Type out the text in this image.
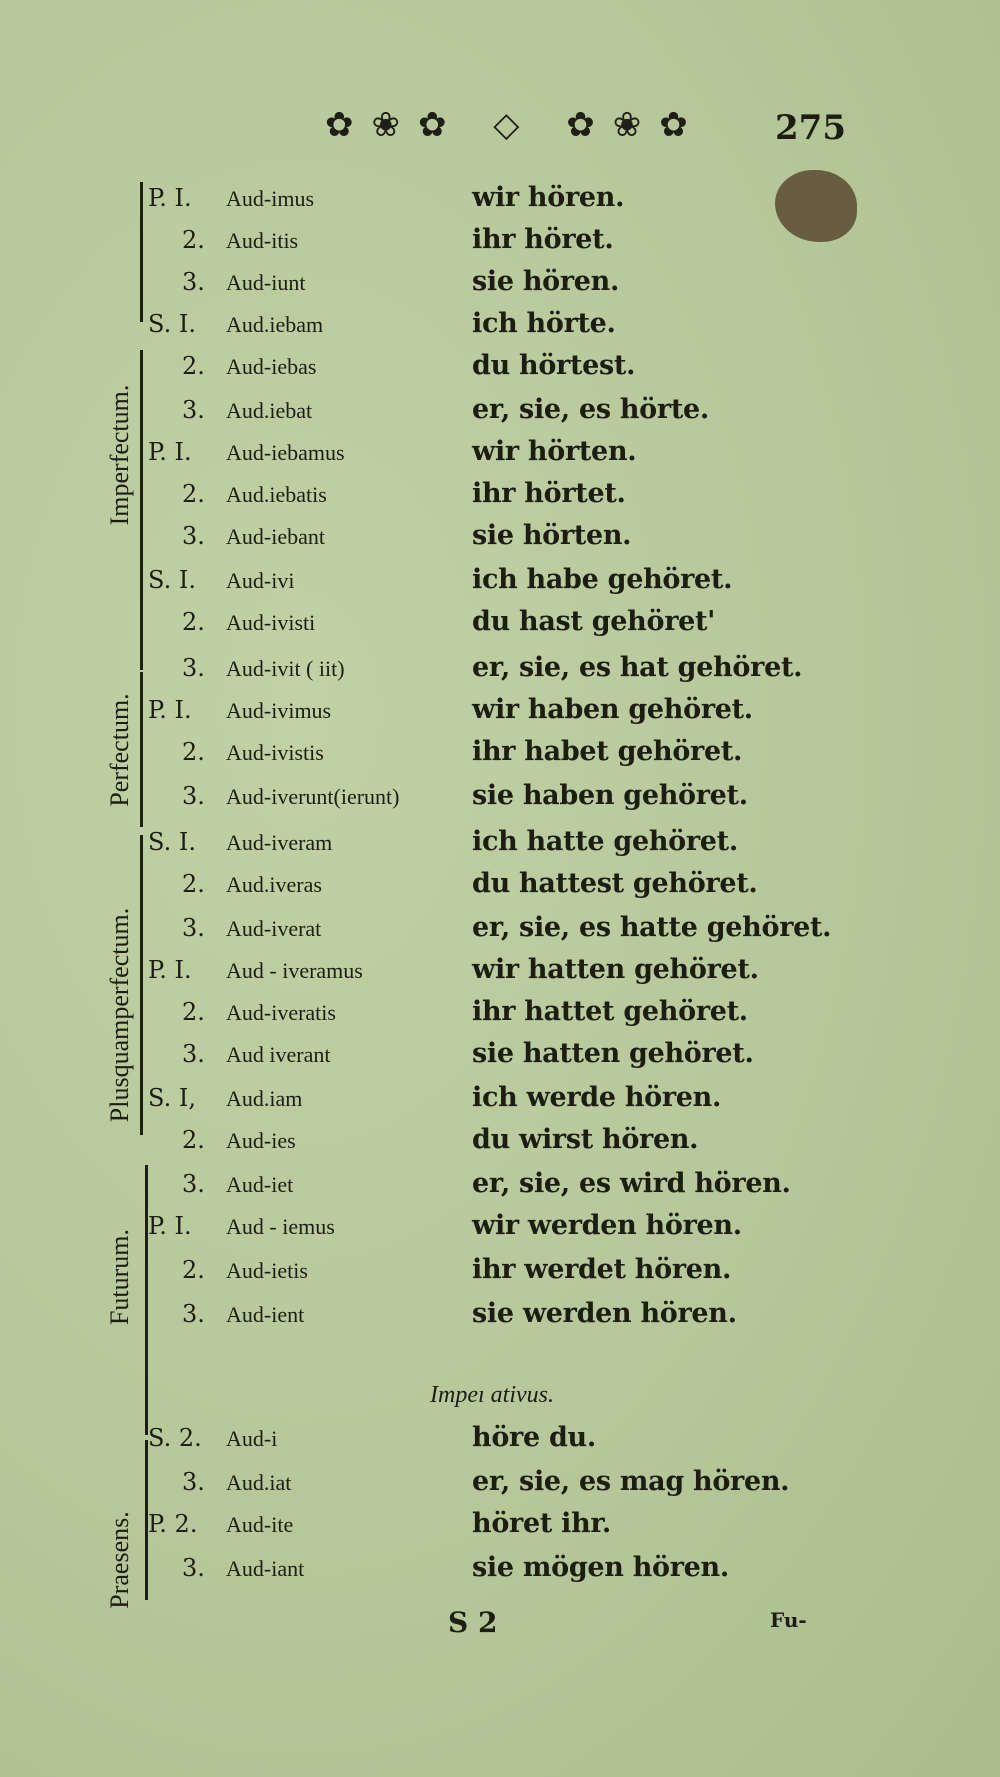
✿❀✿ ◇ ✿❀✿ 275
Imperfectum.
Perfectum.
Plusquamperfectum.
Futurum.
Praesens.
P. I.	Aud-imus	wir hören.
2. Aud-itis	ihr höret.
3. Aud-iunt	sie hören.
S. I.	Aud.iebam	ich hörte.
2. Aud-iebas	du hörtest.
3. Aud.iebat	er, sie, es hörte.
P. I.	Aud-iebamus	wir hörten.
2. Aud.iebatis	ihr hörtet.
3. Aud-iebant	sie hörten.
S. I.	Aud-ivi	ich habe gehöret.
2. Aud-ivisti	du hast gehöret'
3. Aud-ivit ( iit)	er, sie, es hat gehöret.
P. I.	Aud-ivimus	wir haben gehöret.
2. Aud-ivistis	ihr habet gehöret.
3. Aud-iverunt(ierunt)	sie haben gehöret.
S. I.	Aud-iveram	ich hatte gehöret.
2. Aud.iveras	du hattest gehöret.
3. Aud-iverat	er, sie, es hatte gehöret.
P. I.	Aud - iveramus	wir hatten gehöret.
2. Aud-iveratis	ihr hattet gehöret.
3. Aud iverant	sie hatten gehöret.
S. I,	Aud.iam	ich werde hören.
2. Aud-ies	du wirst hören.
3. Aud-iet	er, sie, es wird hören.
P. I.	Aud - iemus	wir werden hören.
2. Aud-ietis	ihr werdet hören.
3. Aud-ient	sie werden hören.
S. 2.	Aud-i	höre du.
3. Aud.iat	er, sie, es mag hören.
P. 2.	Aud-ite	höret ihr.
3. Aud-iant	sie mögen hören.
Impeı ativus.
S 2	Fu-
